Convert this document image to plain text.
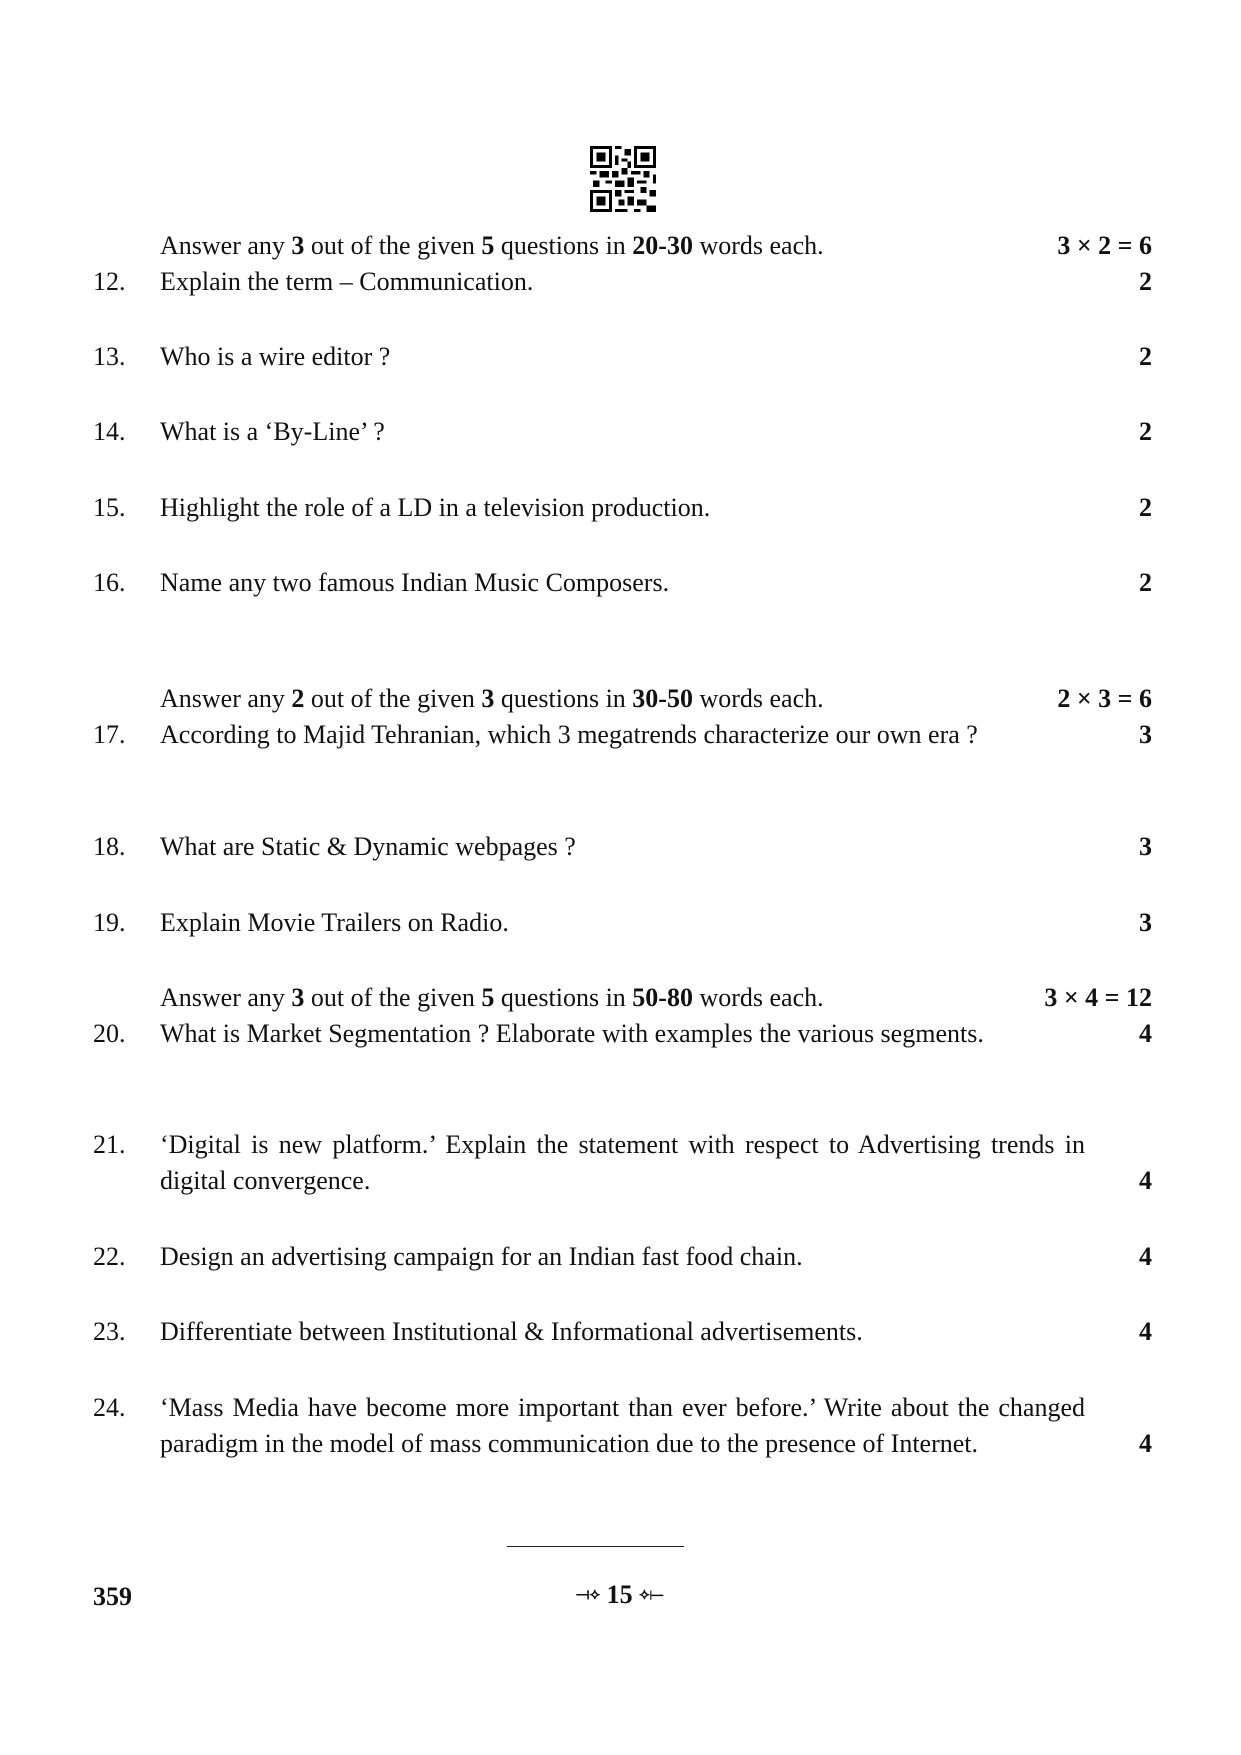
Answer any 3 out of the given 5 questions in 20-30 words each.	3 × 2 = 6
12. Explain the term – Communication.	2
13. Who is a wire editor ?	2
14. What is a ‘By-Line’ ?	2
15. Highlight the role of a LD in a television production.	2
16. Name any two famous Indian Music Composers.	2
Answer any 2 out of the given 3 questions in 30-50 words each.	2 × 3 = 6
17. According to Majid Tehranian, which 3 megatrends characterize our own era ?	3
18. What are Static & Dynamic webpages ?	3
19. Explain Movie Trailers on Radio.	3
Answer any 3 out of the given 5 questions in 50-80 words each.	3 × 4 = 12
20. What is Market Segmentation ? Elaborate with examples the various segments.	4
21. ‘Digital is new platform.’ Explain the statement with respect to Advertising trends in digital convergence.	4
22. Design an advertising campaign for an Indian fast food chain.	4
23. Differentiate between Institutional & Informational advertisements.	4
24. ‘Mass Media have become more important than ever before.’ Write about the changed paradigm in the model of mass communication due to the presence of Internet.	4
359	⟞⟡ 15 ⟡⟝
